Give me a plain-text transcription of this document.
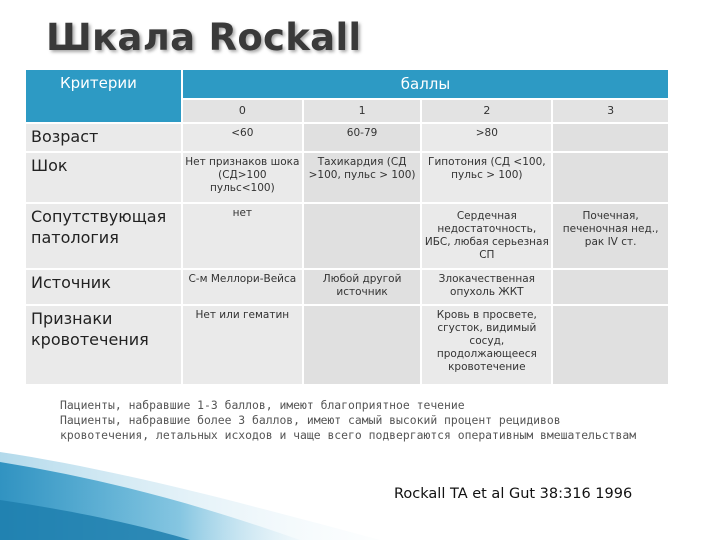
Шкала Rockall
Критерии	баллы			
	0	1	2	3
Возраст	<60	60-79	>80	
Шок	Нет признаков шока (СД>100 пульс<100)	Тахикардия (СД >100, пульс > 100)	Гипотония (СД <100, пульс > 100)	
Сопутствующая патология	нет		Сердечная недостаточность, ИБС, любая серьезная СП	Почечная, печеночная нед., рак IV ст.
Источник	С-м Меллори-Вейса	Любой другой источник	Злокачественная опухоль ЖКТ	
Признаки кровотечения	Нет или гематин		Кровь в просвете, сгусток, видимый сосуд, продолжающееся кровотечение	
Пациенты, набравшие 1-3 баллов, имеют благоприятное течение
Пациенты, набравшие более 3 баллов, имеют самый высокий процент рецидивов
кровотечения, летальных исходов и чаще всего подвергаются оперативным вмешательствам
Rockall TA et al Gut 38:316 1996
